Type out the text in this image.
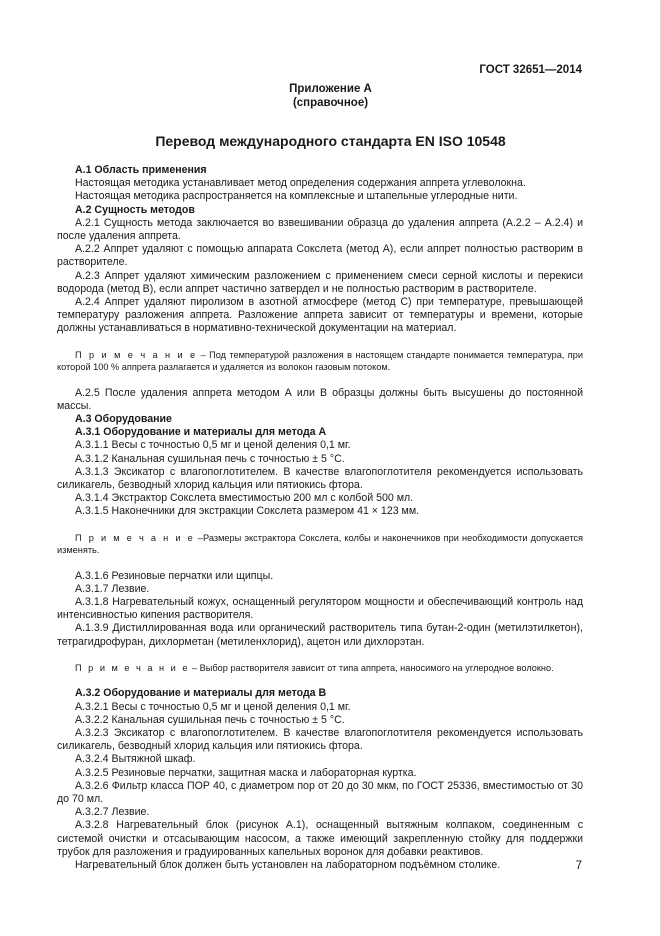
ГОСТ 32651—2014
Приложение А
(справочное)
Перевод международного стандарта EN ISO 10548

А.1 Область применения

Настоящая методика устанавливает метод определения содержания аппрета углеволокна.

Настоящая методика распространяется на комплексные и штапельные углеродные нити.

А.2 Сущность методов

А.2.1 Сущность метода заключается во взвешивании образца до удаления аппрета (А.2.2 – А.2.4) и после удаления аппрета.

А.2.2 Аппрет удаляют с помощью аппарата Сокслета (метод А), если аппрет полностью растворим в растворителе.

А.2.3 Аппрет удаляют химическим разложением с применением смеси серной кислоты и перекиси водорода (метод В), если аппрет частично затвердел и не полностью растворим в растворителе.

А.2.4 Аппрет удаляют пиролизом в азотной атмосфере (метод С) при температуре, превышающей температуру разложения аппрета. Разложение аппрета зависит от температуры и времени, которые должны устанавливаться в нормативно-технической документации на материал.

П р и м е ч а н и е – Под температурой разложения в настоящем стандарте понимается температура, при которой 100 % аппрета разлагается и удаляется из волокон газовым потоком.

А.2.5 После удаления аппрета методом А или В образцы должны быть высушены до постоянной массы.

А.3 Оборудование

А.3.1 Оборудование и материалы для метода А

А.3.1.1 Весы с точностью 0,5 мг и ценой деления 0,1 мг.

А.3.1.2 Канальная сушильная печь с точностью ± 5 °С.

А.3.1.3 Эксикатор с влагопоглотителем. В качестве влагопоглотителя рекомендуется использовать силикагель, безводный хлорид кальция или пятиокись фтора.

А.3.1.4 Экстрактор Сокслета вместимостью 200 мл с колбой 500 мл.

А.3.1.5 Наконечники для экстракции Сокслета размером 41 × 123 мм.

П р и м е ч а н и е –Размеры экстрактора Сокслета, колбы и наконечников при необходимости допускается изменять.

А.3.1.6 Резиновые перчатки или щипцы.

А.3.1.7 Лезвие.

А.3.1.8 Нагревательный кожух, оснащенный регулятором мощности и обеспечивающий контроль над интенсивностью кипения растворителя.

А.1.3.9 Дистиллированная вода или органический растворитель типа бутан-2-один (метилэтилкетон), тетрагидрофуран, дихлорметан (метиленхлорид), ацетон или дихлорэтан.

П р и м е ч а н и е – Выбор растворителя зависит от типа аппрета, наносимого на углеродное волокно.

А.3.2 Оборудование и материалы для метода В

А.3.2.1 Весы с точностью 0,5 мг и ценой деления 0,1 мг.

А.3.2.2 Канальная сушильная печь с точностью ± 5 °С.

А.3.2.3 Эксикатор с влагопоглотителем. В качестве влагопоглотителя рекомендуется использовать силикагель, безводный хлорид кальция или пятиокись фтора.

А.3.2.4 Вытяжной шкаф.

А.3.2.5 Резиновые перчатки, защитная маска и лабораторная куртка.

А.3.2.6 Фильтр класса ПОР 40, с диаметром пор от 20 до 30 мкм, по ГОСТ 25336, вместимостью от 30 до 70 мл.

А.3.2.7 Лезвие.

А.3.2.8 Нагревательный блок (рисунок А.1), оснащенный вытяжным колпаком, соединенным с системой очистки и отсасывающим насосом, а также имеющий закрепленную стойку для поддержки трубок для разложения и градуированных капельных воронок для добавки реактивов.

Нагревательный блок должен быть установлен на лабораторном подъёмном столике.	7
